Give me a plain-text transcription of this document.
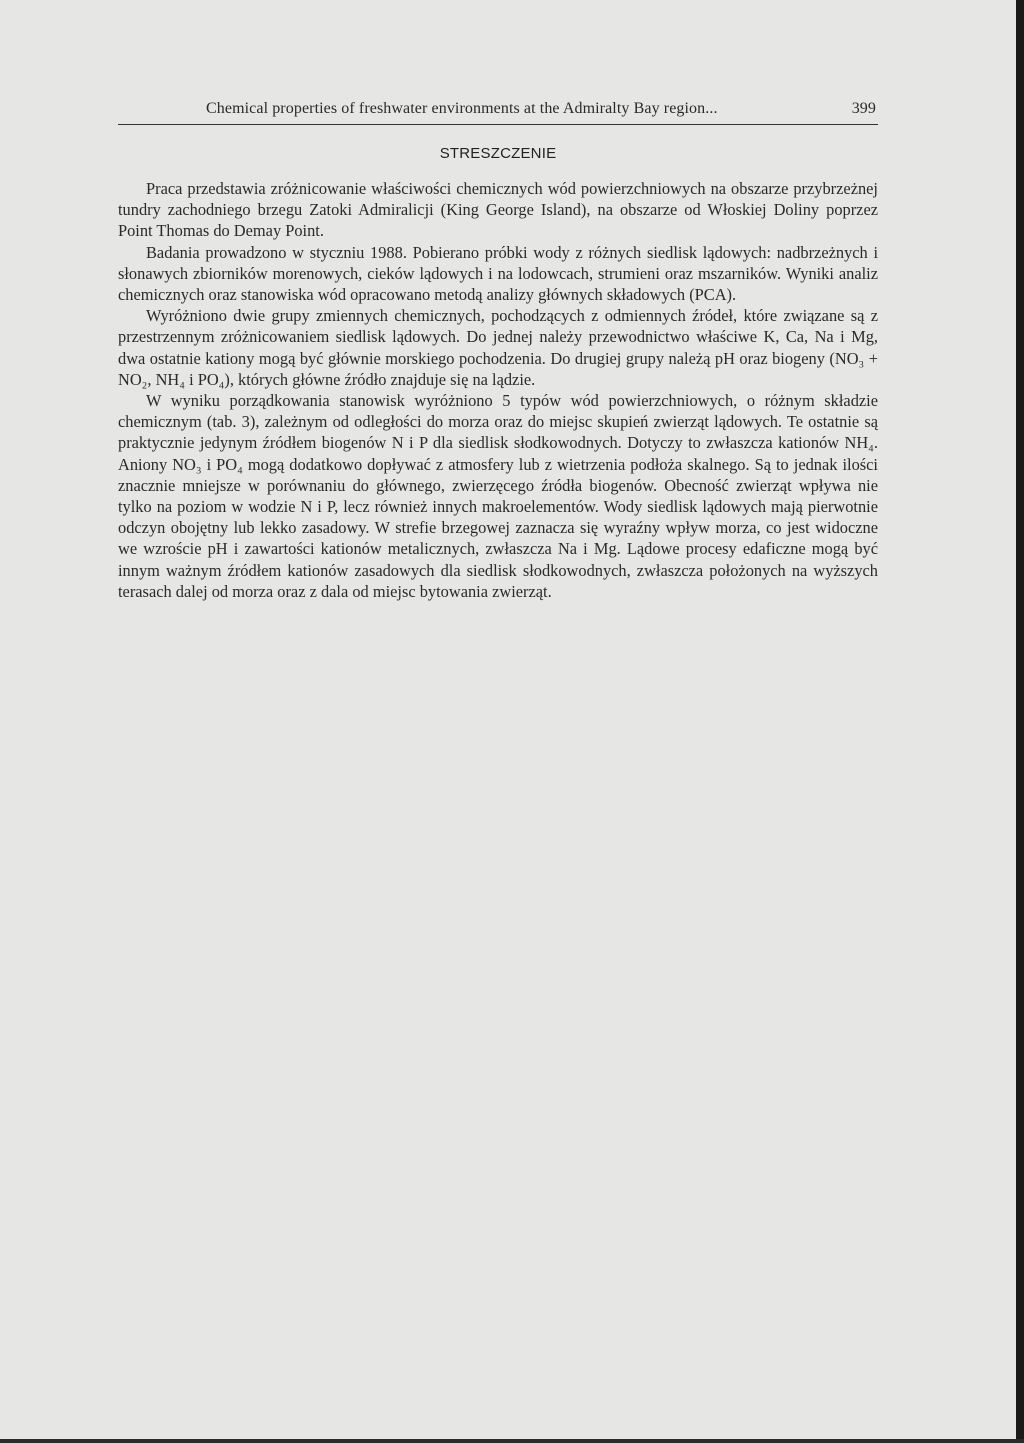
Chemical properties of freshwater environments at the Admiralty Bay region...	399
STRESZCZENIE

Praca przedstawia zróżnicowanie właściwości chemicznych wód powierzchniowych na obszarze przybrzeżnej tundry zachodniego brzegu Zatoki Admiralicji (King George Island), na obszarze od Włoskiej Doliny poprzez Point Thomas do Demay Point.

Badania prowadzono w styczniu 1988. Pobierano próbki wody z różnych siedlisk lądowych: nadbrzeżnych i słonawych zbiorników morenowych, cieków lądowych i na lodowcach, strumieni oraz mszarników. Wyniki analiz chemicznych oraz stanowiska wód opracowano metodą analizy głównych składowych (PCA).

Wyróżniono dwie grupy zmiennych chemicznych, pochodzących z odmiennych źródeł, które związane są z przestrzennym zróżnicowaniem siedlisk lądowych. Do jednej należy przewodnictwo właściwe K, Ca, Na i Mg, dwa ostatnie kationy mogą być głównie morskiego pochodzenia. Do drugiej grupy należą pH oraz biogeny (NO₃ + NO₂, NH₄ i PO₄), których główne źródło znajduje się na lądzie.

W wyniku porządkowania stanowisk wyróżniono 5 typów wód powierzchniowych, o różnym składzie chemicznym (tab. 3), zależnym od odległości do morza oraz do miejsc skupień zwierząt lądowych. Te ostatnie są praktycznie jedynym źródłem biogenów N i P dla siedlisk słodkowodnych. Dotyczy to zwłaszcza kationów NH₄. Aniony NO₃ i PO₄ mogą dodatkowo dopływać z atmosfery lub z wietrzenia podłoża skalnego. Są to jednak ilości znacznie mniejsze w porównaniu do głównego, zwierzęcego źródła biogenów. Obecność zwierząt wpływa nie tylko na poziom w wodzie N i P, lecz również innych makroelementów. Wody siedlisk lądowych mają pierwotnie odczyn obojętny lub lekko zasadowy. W strefie brzegowej zaznacza się wyraźny wpływ morza, co jest widoczne we wzroście pH i zawartości kationów metalicznych, zwłaszcza Na i Mg. Lądowe procesy edaficzne mogą być innym ważnym źródłem kationów zasadowych dla siedlisk słodkowodnych, zwłaszcza położonych na wyższych terasach dalej od morza oraz z dala od miejsc bytowania zwierząt.
